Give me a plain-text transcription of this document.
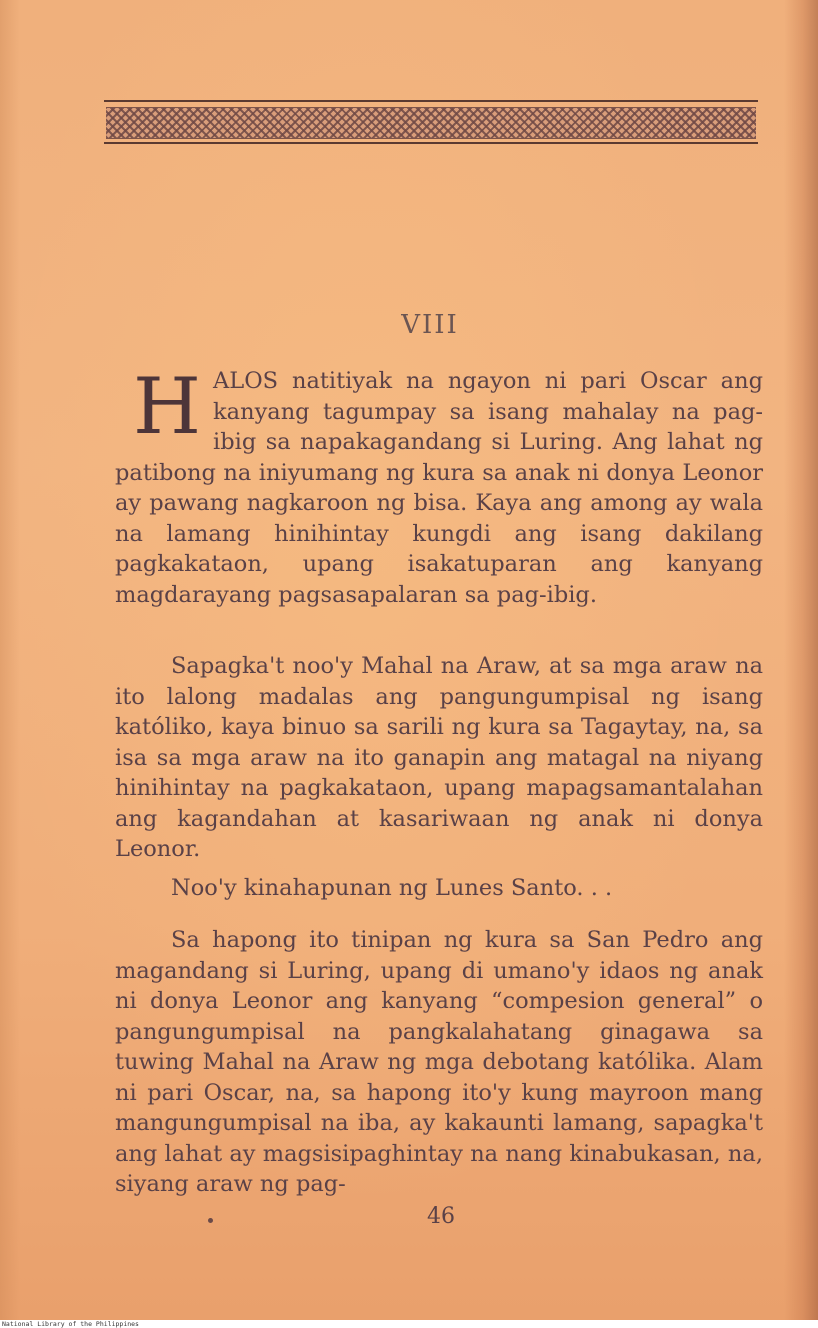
VIII

HALOS natitiyak na ngayon ni pari Oscar ang kanyang tagumpay sa isang mahalay na pag-ibig sa napakagandang si Luring. Ang lahat ng patibong na iniyumang ng kura sa anak ni donya Leonor ay pawang nagkaroon ng bisa. Kaya ang among ay wala na lamang hinihintay kungdi ang isang dakilang pagkakataon, upang isakatuparan ang kanyang magdarayang pagsasapalaran sa pag-ibig.

Sapagka't noo'y Mahal na Araw, at sa mga araw na ito lalong madalas ang pangungumpisal ng isang katóliko, kaya binuo sa sarili ng kura sa Tagaytay, na, sa isa sa mga araw na ito ganapin ang matagal na niyang hinihintay na pagkakataon, upang mapagsamantalahan ang kagandahan at kasariwaan ng anak ni donya Leonor.

Noo'y kinahapunan ng Lunes Santo. . .

Sa hapong ito tinipan ng kura sa San Pedro ang magandang si Luring, upang di umano'y idaos ng anak ni donya Leonor ang kanyang “compesion general” o pangungumpisal na pangkalahatang ginagawa sa tuwing Mahal na Araw ng mga debotang katólika. Alam ni pari Oscar, na, sa hapong ito'y kung mayroon mang mangungumpisal na iba, ay kakaunti lamang, sapagka't ang lahat ay magsisipaghintay na nang kinabukasan, na, siyang araw ng pag-

46
National Library of the Philippines
